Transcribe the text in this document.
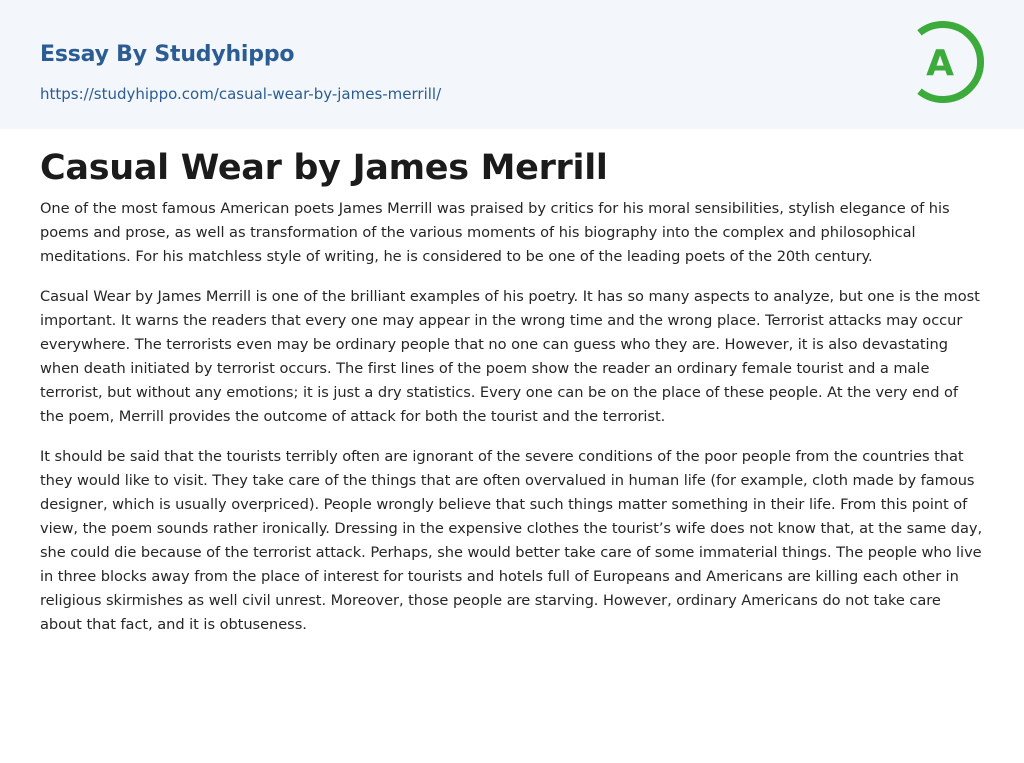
Essay By Studyhippo
https://studyhippo.com/casual-wear-by-james-merrill/
A
Casual Wear by James Merrill

One of the most famous American poets James Merrill was praised by critics for his moral sensibilities, stylish elegance of his poems and prose, as well as transformation of the various moments of his biography into the complex and philosophical meditations. For his matchless style of writing, he is considered to be one of the leading poets of the 20th century.

Casual Wear by James Merrill is one of the brilliant examples of his poetry. It has so many aspects to analyze, but one is the most important. It warns the readers that every one may appear in the wrong time and the wrong place. Terrorist attacks may occur everywhere. The terrorists even may be ordinary people that no one can guess who they are. However, it is also devastating when death initiated by terrorist occurs. The first lines of the poem show the reader an ordinary female tourist and a male terrorist, but without any emotions; it is just a dry statistics. Every one can be on the place of these people. At the very end of the poem, Merrill provides the outcome of attack for both the tourist and the terrorist.

It should be said that the tourists terribly often are ignorant of the severe conditions of the poor people from the countries that they would like to visit. They take care of the things that are often overvalued in human life (for example, cloth made by famous designer, which is usually overpriced). People wrongly believe that such things matter something in their life. From this point of view, the poem sounds rather ironically. Dressing in the expensive clothes the tourist’s wife does not know that, at the same day, she could die because of the terrorist attack. Perhaps, she would better take care of some immaterial things. The people who live in three blocks away from the place of interest for tourists and hotels full of Europeans and Americans are killing each other in religious skirmishes as well civil unrest. Moreover, those people are starving. However, ordinary Americans do not take care about that fact, and it is obtuseness.
